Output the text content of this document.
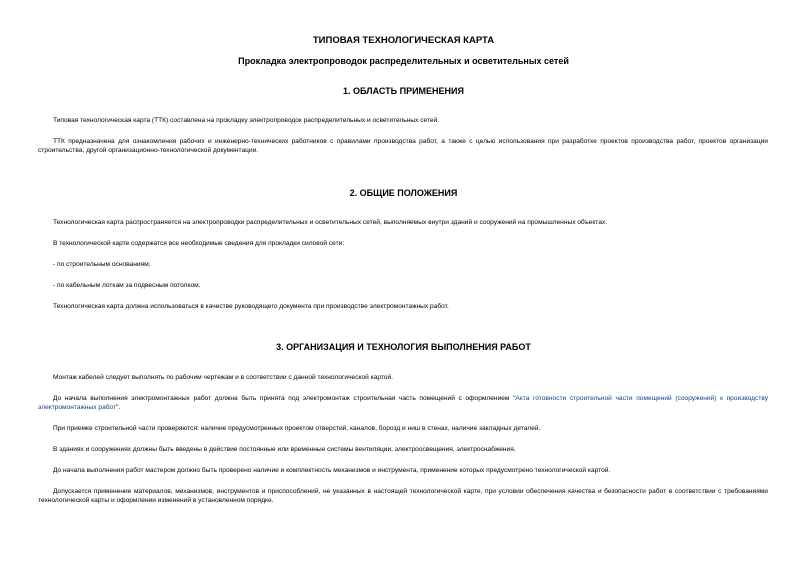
ТИПОВАЯ ТЕХНОЛОГИЧЕСКАЯ КАРТА
Прокладка электропроводок распределительных и осветительных сетей
1. ОБЛАСТЬ ПРИМЕНЕНИЯ

Типовая технологическая карта (ТТК) составлена на прокладку электропроводок распределительных и осветительных сетей.

ТТК предназначена для ознакомления рабочих и инженерно-технических работников с правилами производства работ, а также с целью использования при разработке проектов производства работ, проектов организации строительства, другой организационно-технологической документации.

2. ОБЩИЕ ПОЛОЖЕНИЯ

Технологическая карта распространяется на электропроводки распределительных и осветительных сетей, выполняемых внутри зданий и сооружений на промышленных объектах.

В технологической карте содержатся все необходимые сведения для прокладки силовой сети:

- по строительным основаниям;

- по кабельным лоткам за подвесным потолком.

Технологическая карта должна использоваться в качестве руководящего документа при производстве электромонтажных работ.

3. ОРГАНИЗАЦИЯ И ТЕХНОЛОГИЯ ВЫПОЛНЕНИЯ РАБОТ

Монтаж кабелей следует выполнять по рабочим чертежам и в соответствии с данной технологической картой.

До начала выполнения электромонтажных работ должна быть принята под электромонтаж строительная часть помещений с оформлением "Акта готовности строительной части помещений (сооружений) к производству электромонтажных работ".

При приемке строительной части проверяются: наличие предусмотренных проектом отверстий, каналов, борозд и ниш в стенах, наличие закладных деталей.

В зданиях и сооружениях должны быть введены в действие постоянные или временные системы вентиляции, электроосвещения, электроснабжения.

До начала выполнения работ мастером должно быть проверено наличие и комплектность механизмов и инструмента, применение которых предусмотрено технологической картой.

Допускается применение материалов, механизмов, инструментов и приспособлений, не указанных в настоящей технологической карте, при условии обеспечения качества и безопасности работ в соответствии с требованиями технологической карты и оформлении изменений в установленном порядке.
